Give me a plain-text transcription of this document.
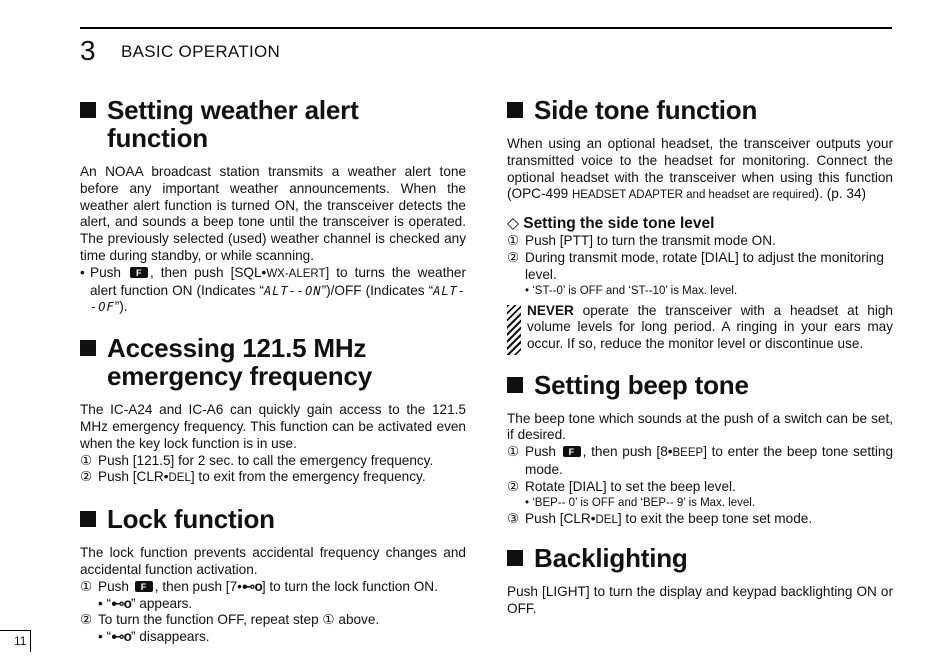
3 BASIC OPERATION
Setting weather alert function

An NOAA broadcast station transmits a weather alert tone before any important weather announcements. When the weather alert function is turned ON, the transceiver detects the alert, and sounds a beep tone until the transceiver is operated. The previously selected (used) weather channel is checked any time during standby, or while scanning.

• Push F , then push [SQL•WX-ALERT] to turns the weather alert function ON (Indicates “ALT--ON”)/OFF (Indicates “ALT--OF”).
Accessing 121.5 MHz
emergency frequency

The IC-A24 and IC-A6 can quickly gain access to the 121.5 MHz emergency frequency. This function can be activated even when the key lock function is in use.

① Push [121.5] for 2 sec. to call the emergency frequency.
② Push [CLR•DEL] to exit from the emergency frequency.
Lock function

The lock function prevents accidental frequency changes and accidental function activation.

① Push F , then push [7•⊷o] to turn the lock function ON.
• “⊷o” appears.
② To turn the function OFF, repeat step ① above.
• “⊷o” disappears.
Side tone function

When using an optional headset, the transceiver outputs your transmitted voice to the headset for monitoring. Connect the optional headset with the transceiver when using this function (OPC-499 HEADSET ADAPTER and headset are required). (p. 34)

◇ Setting the side tone level
① Push [PTT] to turn the transmit mode ON.
② During transmit mode, rotate [DIAL] to adjust the monitoring level.
• ‘ST--0’ is OFF and ‘ST--10’ is Max. level.
NEVER operate the transceiver with a headset at high volume levels for long period. A ringing in your ears may occur. If so, reduce the monitor level or discontinue use.
Setting beep tone

The beep tone which sounds at the push of a switch can be set, if desired.

① Push F , then push [8•BEEP] to enter the beep tone setting mode.
② Rotate [DIAL] to set the beep level.
• ‘BEP-- 0’ is OFF and ‘BEP-- 9’ is Max. level.
③ Push [CLR•DEL] to exit the beep tone set mode.
Backlighting

Push [LIGHT] to turn the display and keypad backlighting ON or OFF.

11
